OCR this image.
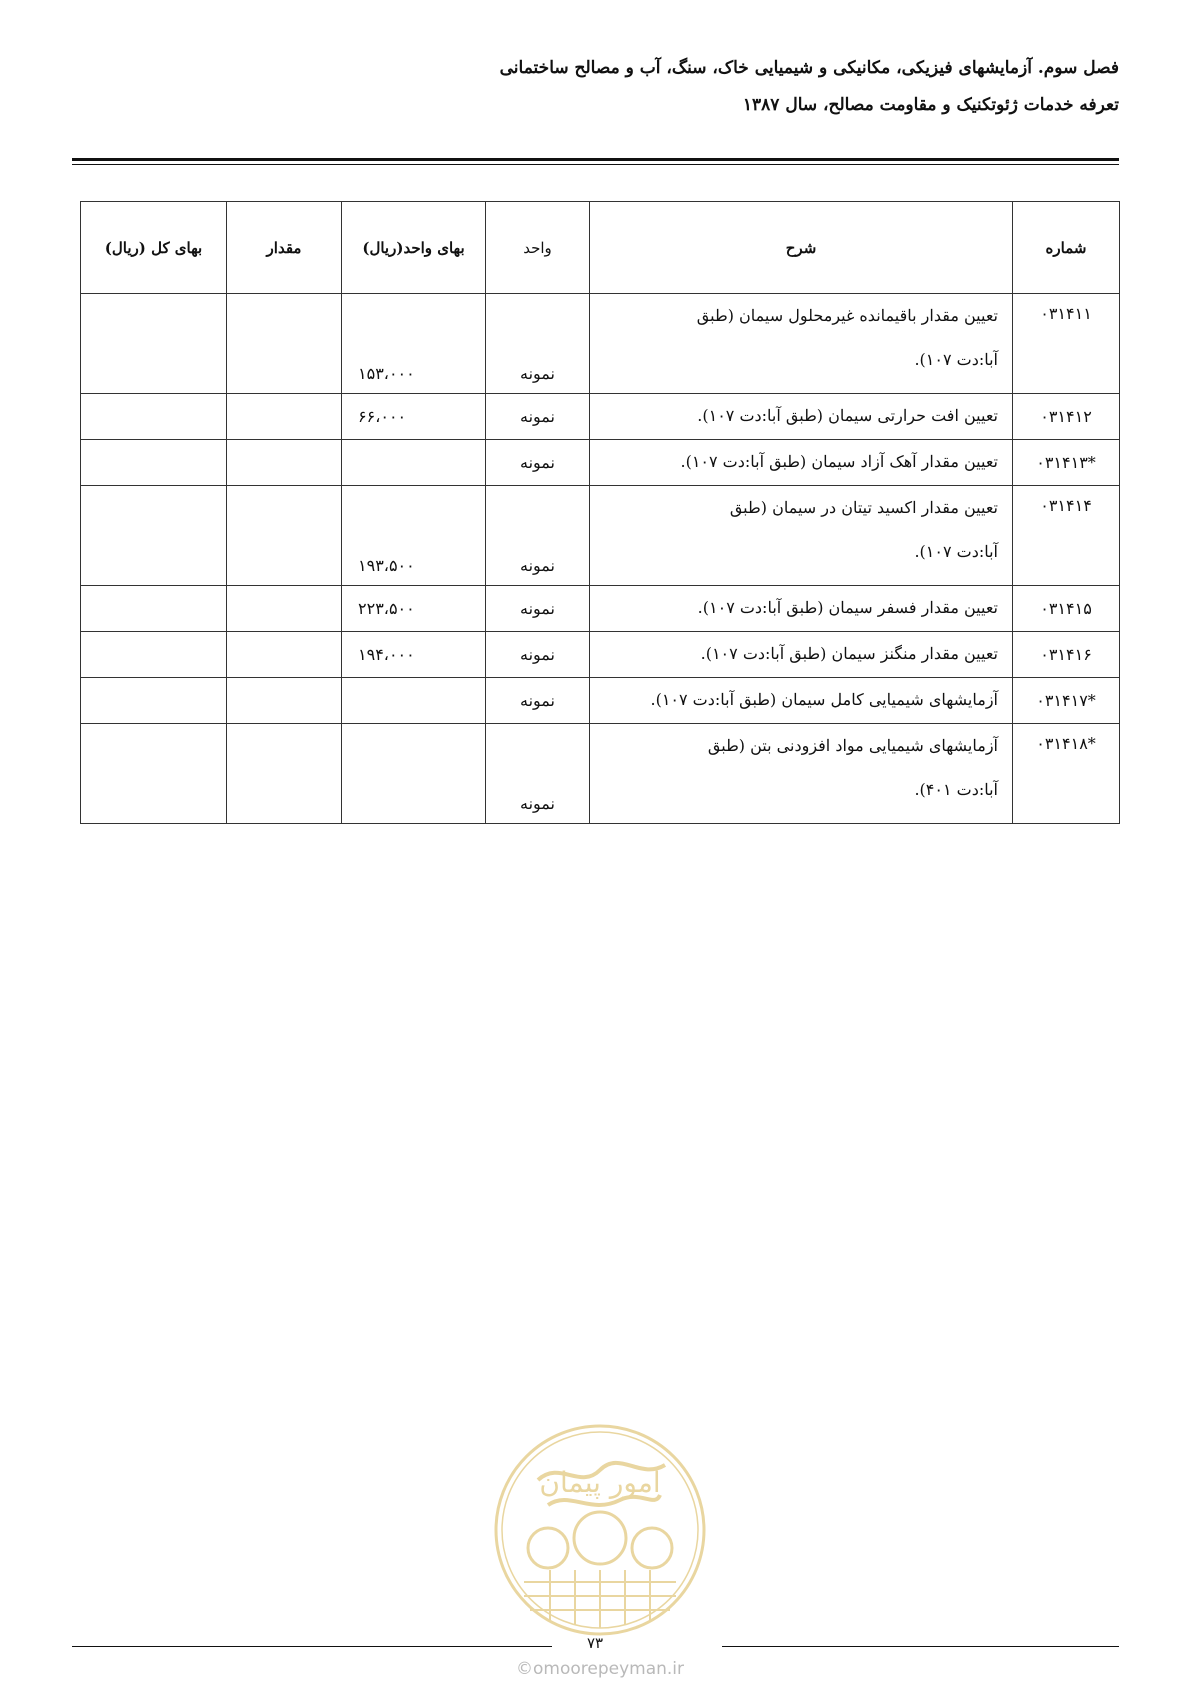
فصل سوم. آزمایشهای فیزیکی، مکانیکی و شیمیایی خاک، سنگ، آب و مصالح ساختمانی

تعرفه خدمات ژئوتکنیک و مقاومت مصالح، سال ۱۳۸۷

شماره	شرح	واحد	بهای واحد(ریال)	مقدار	بهای کل (ریال)
۰۳۱۴۱۱	تعیین مقدار باقیمانده غیرمحلول سیمان (طبق
آبا:دت ۱۰۷).	نمونه	۱۵۳،۰۰۰		
۰۳۱۴۱۲	تعیین افت حرارتی سیمان (طبق آبا:دت ۱۰۷).	نمونه	۶۶،۰۰۰		
*۰۳۱۴۱۳	تعیین مقدار آهک آزاد سیمان (طبق آبا:دت ۱۰۷).	نمونه			
۰۳۱۴۱۴	تعیین مقدار اکسید تیتان در سیمان (طبق
آبا:دت ۱۰۷).	نمونه	۱۹۳،۵۰۰		
۰۳۱۴۱۵	تعیین مقدار فسفر سیمان (طبق آبا:دت ۱۰۷).	نمونه	۲۲۳،۵۰۰		
۰۳۱۴۱۶	تعیین مقدار منگنز سیمان (طبق آبا:دت ۱۰۷).	نمونه	۱۹۴،۰۰۰		
*۰۳۱۴۱۷	آزمایشهای شیمیایی کامل سیمان (طبق آبا:دت ۱۰۷).	نمونه			
*۰۳۱۴۱۸	آزمایشهای شیمیایی مواد افزودنی بتن (طبق
آبا:دت ۴۰۱).	نمونه			
امور پیمان
۷۳
©omoorepeyman.ir
